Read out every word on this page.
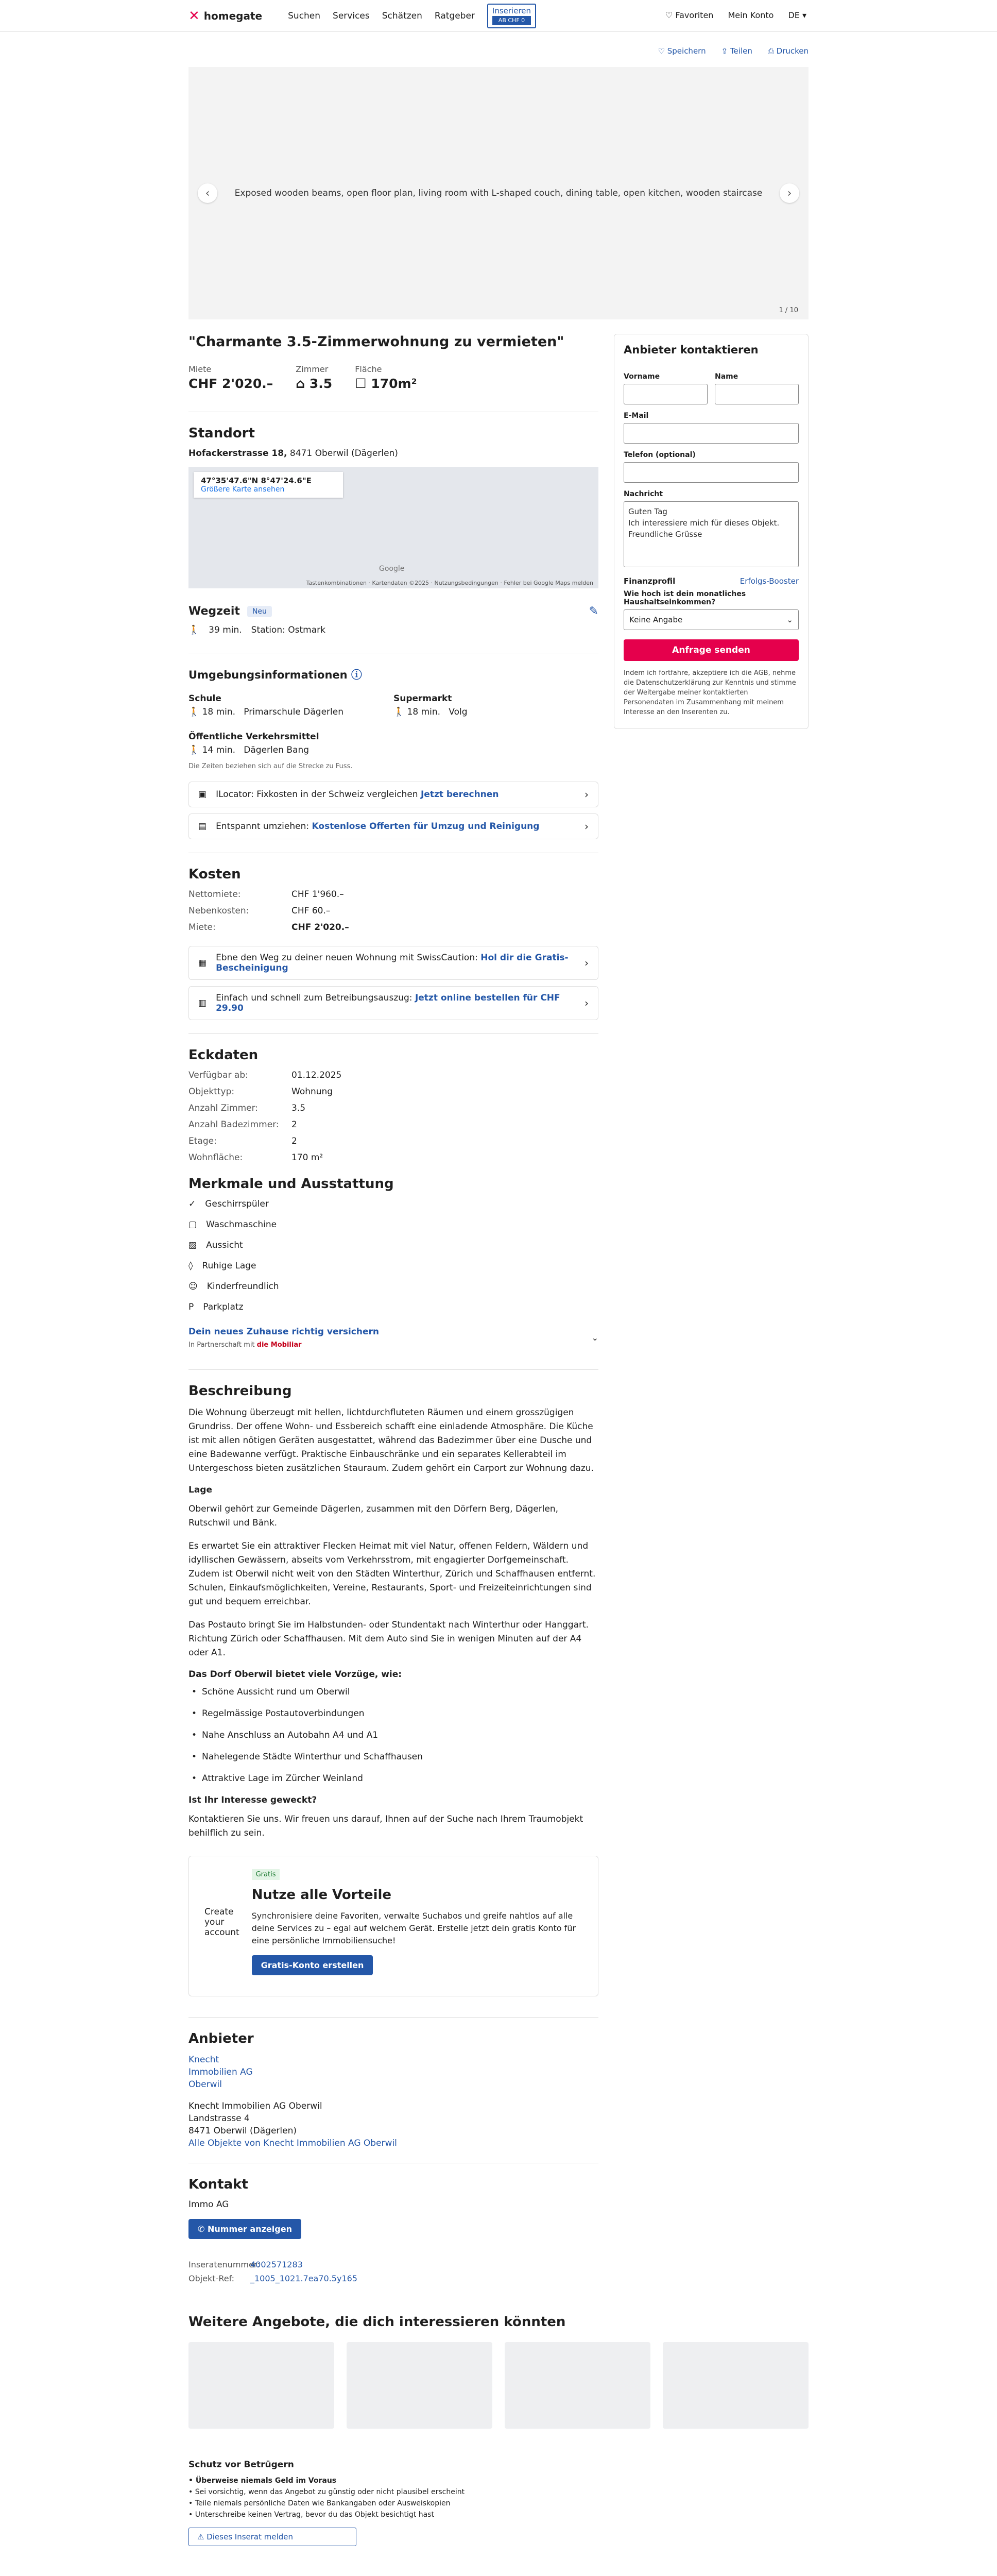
✕ homegate	Suchen Services Schätzen Ratgeber	Inserieren
AB CHF 0	♡ Favoriten Mein Konto DE ▾
♡ Speichern ⇪ Teilen ⎙ Drucken
Exposed wooden beams, open floor plan, living room with L-shaped couch, dining table, open kitchen, wooden staircase
‹	›
1 / 10
"Charmante 3.5-Zimmerwohnung zu vermieten"
Miete
CHF 2'020.–
Zimmer
⌂ 3.5
Fläche
☐ 170m²
Standort
Hofackerstrasse 18, 8471 Oberwil (Dägerlen)
47°35'47.6"N 8°47'24.6"E
Größere Karte ansehen
Google
Tastenkombinationen · Kartendaten ©2025 · Nutzungsbedingungen · Fehler bei Google Maps melden
Wegzeit	Neu	✎
🚶 39 min. Station: Ostmark
Umgebungsinformationen ⓘ
Schule
🚶 18 min. Primarschule Dägerlen
Supermarkt
🚶 18 min. Volg
Öffentliche Verkehrsmittel
🚶 14 min. Dägerlen Bang
Die Zeiten beziehen sich auf die Strecke zu Fuss.
▣ ILocator: Fixkosten in der Schweiz vergleichen Jetzt berechnen	›
▤ Entspannt umziehen: Kostenlose Offerten für Umzug und Reinigung	›
Kosten
Nettomiete:	CHF 1'960.–
Nebenkosten:	CHF 60.–
Miete:	CHF 2'020.–
▦ Ebne den Weg zu deiner neuen Wohnung mit SwissCaution: Hol dir die Gratis-Bescheinigung	›
▥ Einfach und schnell zum Betreibungsauszug: Jetzt online bestellen für CHF 29.90	›
Eckdaten
Verfügbar ab:	01.12.2025
Objekttyp:	Wohnung
Anzahl Zimmer:	3.5
Anzahl Badezimmer:	2
Etage:	2
Wohnfläche:	170 m²
Merkmale und Ausstattung
✓ Geschirrspüler
▢ Waschmaschine
▨ Aussicht
◊ Ruhige Lage
☺ Kinderfreundlich
P Parkplatz
Dein neues Zuhause richtig versichern
In Partnerschaft mit die Mobiliar
⌄
Beschreibung

Die Wohnung überzeugt mit hellen, lichtdurchfluteten Räumen und einem grosszügigen Grundriss. Der offene Wohn- und Essbereich schafft eine einladende Atmosphäre. Die Küche ist mit allen nötigen Geräten ausgestattet, während das Badezimmer über eine Dusche und eine Badewanne verfügt. Praktische Einbauschränke und ein separates Kellerabteil im Untergeschoss bieten zusätzlichen Stauraum. Zudem gehört ein Carport zur Wohnung dazu.

Lage

Oberwil gehört zur Gemeinde Dägerlen, zusammen mit den Dörfern Berg, Dägerlen, Rutschwil und Bänk.

Es erwartet Sie ein attraktiver Flecken Heimat mit viel Natur, offenen Feldern, Wäldern und idyllischen Gewässern, abseits vom Verkehrsstrom, mit engagierter Dorfgemeinschaft. Zudem ist Oberwil nicht weit von den Städten Winterthur, Zürich und Schaffhausen entfernt. Schulen, Einkaufsmöglichkeiten, Vereine, Restaurants, Sport- und Freizeiteinrichtungen sind gut und bequem erreichbar.

Das Postauto bringt Sie im Halbstunden- oder Stundentakt nach Winterthur oder Hanggart. Richtung Zürich oder Schaffhausen. Mit dem Auto sind Sie in wenigen Minuten auf der A4 oder A1.

Das Dorf Oberwil bietet viele Vorzüge, wie:
• Schöne Aussicht rund um Oberwil
• Regelmässige Postautoverbindungen
• Nahe Anschluss an Autobahn A4 und A1
• Nahelegende Städte Winterthur und Schaffhausen
• Attraktive Lage im Zürcher Weinland
Ist Ihr Interesse geweckt?

Kontaktieren Sie uns. Wir freuen uns darauf, Ihnen auf der Suche nach Ihrem Traumobjekt behilflich zu sein.

Create your account
Gratis
Nutze alle Vorteile

Synchronisiere deine Favoriten, verwalte Suchabos und greife nahtlos auf alle deine Services zu – egal auf welchem Gerät. Erstelle jetzt dein gratis Konto für eine persönliche Immobiliensuche!

Gratis-Konto erstellen
Anbieter

Knecht

Immobilien AG

Oberwil

Knecht Immobilien AG Oberwil

Landstrasse 4

8471 Oberwil (Dägerlen)

Alle Objekte von Knecht Immobilien AG Oberwil

Kontakt
Immo AG
✆ Nummer anzeigen
Inseratenummer:
4002571283
Objekt-Ref:	_1005_1021.7ea70.5y165
Anbieter kontaktieren
Vorname	Name
E-Mail
Telefon (optional)
Nachricht
Guten Tag
Ich interessiere mich für dieses Objekt.
Freundliche Grüsse
Finanzprofil	Erfolgs-Booster
Wie hoch ist dein monatliches Haushaltseinkommen?
Keine Angabe	⌄
Anfrage senden
Indem ich fortfahre, akzeptiere ich die AGB, nehme die Datenschutzerklärung zur Kenntnis und stimme der Weitergabe meiner kontaktierten Personendaten im Zusammenhang mit meinem Interesse an den Inserenten zu.
Weitere Angebote, die dich interessieren könnten
Schutz vor Betrügern
• Überweise niemals Geld im Voraus
• Sei vorsichtig, wenn das Angebot zu günstig oder nicht plausibel erscheint
• Teile niemals persönliche Daten wie Bankangaben oder Ausweiskopien
• Unterschreibe keinen Vertrag, bevor du das Objekt besichtigt hast
⚠ Dieses Inserat melden
